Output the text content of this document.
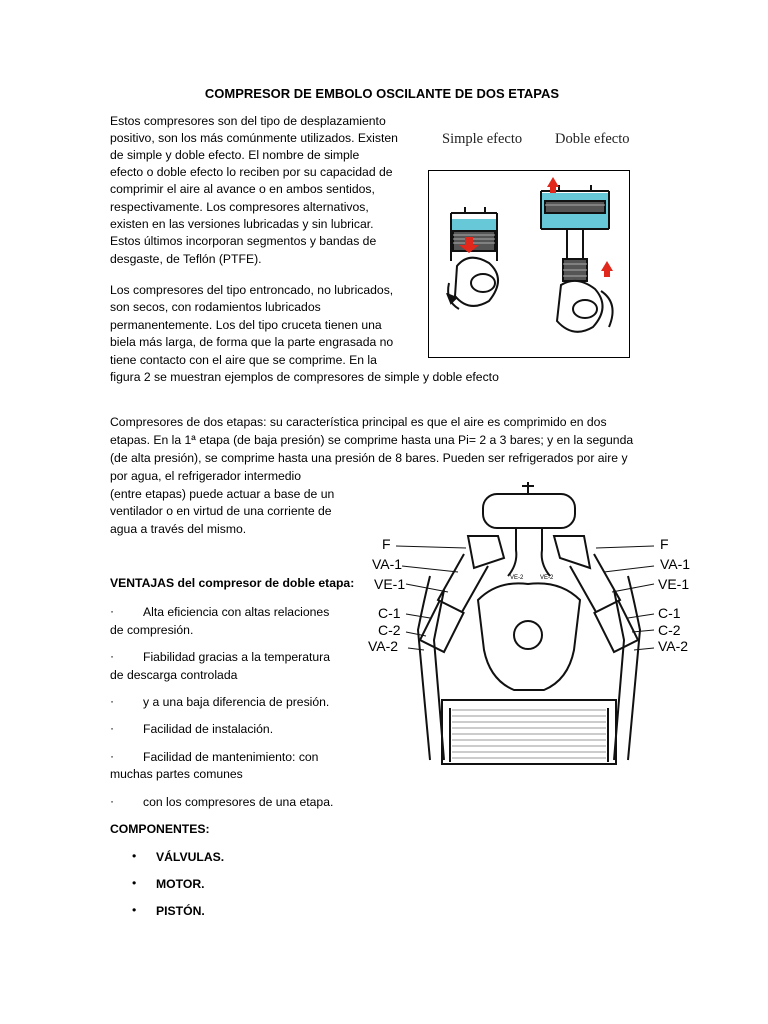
COMPRESOR DE EMBOLO OSCILANTE DE DOS ETAPAS
Estos compresores son del tipo de desplazamiento
positivo, son los más comúnmente utilizados. Existen
de simple y doble efecto. El nombre de simple
efecto o doble efecto lo reciben por su capacidad de
comprimir el aire al avance o en ambos sentidos,
respectivamente. Los compresores alternativos,
existen en las versiones lubricadas y sin lubricar.
Estos últimos incorporan segmentos y bandas de
desgaste, de Teflón (PTFE).
Simple efecto Doble efecto
Los compresores del tipo entroncado, no lubricados,
son secos, con rodamientos lubricados
permanentemente. Los del tipo cruceta tienen una
biela más larga, de forma que la parte engrasada no
tiene contacto con el aire que se comprime. En la
figura 2 se muestran ejemplos de compresores de simple y doble efecto
Compresores de dos etapas: su característica principal es que el aire es comprimido en dos
etapas. En la 1ª etapa (de baja presión) se comprime hasta una Pi= 2 a 3 bares; y en la segunda
(de alta presión), se comprime hasta una presión de 8 bares. Pueden ser refrigerados por aire y
por agua, el refrigerador intermedio
(entre etapas) puede actuar a base de un
ventilador o en virtud de una corriente de
agua a través del mismo.
F
VA-1
VE-1
C-1
C-2
VA-2
F
VA-1
VE-1
C-1
C-2
VA-2
VE-2	VE-2
VENTAJAS del compresor de doble etapa:
· Alta eficiencia con altas relaciones
de compresión.
· Fiabilidad gracias a la temperatura
de descarga controlada
· y a una baja diferencia de presión.
· Facilidad de instalación.
· Facilidad de mantenimiento: con
muchas partes comunes
· con los compresores de una etapa.
COMPONENTES:
• VÁLVULAS.
• MOTOR.
• PISTÓN.
